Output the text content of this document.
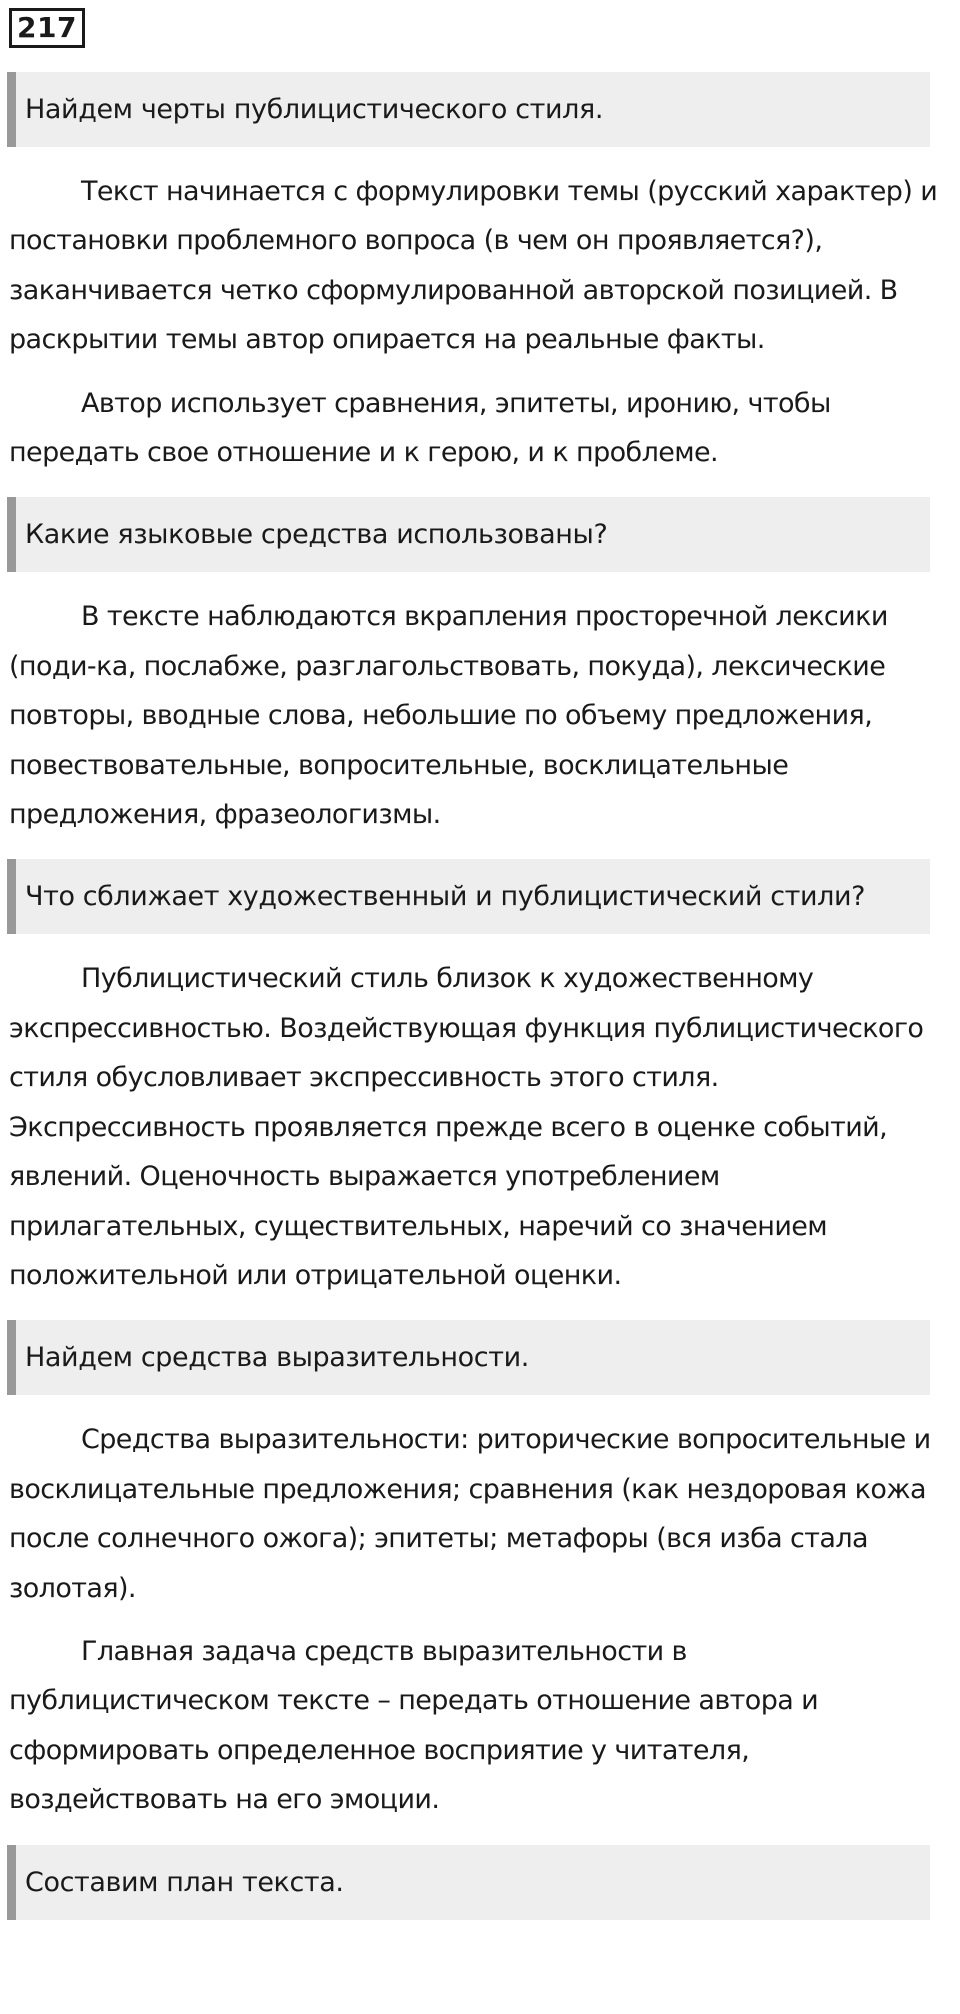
217
Найдем черты публицистического стиля.

Текст начинается с формулировки темы (русский характер) и постановки проблемного вопроса (в чем он проявляется?), заканчивается четко сформулированной авторской позицией. В раскрытии темы автор опирается на реальные факты.

Автор использует сравнения, эпитеты, иронию, чтобы передать свое отношение и к герою, и к проблеме.

Какие языковые средства использованы?

В тексте наблюдаются вкрапления просторечной лексики (поди-ка, послабже, разглагольствовать, покуда), лексические повторы, вводные слова, небольшие по объему предложения, повествовательные, вопросительные, восклицательные предложения, фразеологизмы.

Что сближает художественный и публицистический стили?

Публицистический стиль близок к художественному экспрессивностью. Воздействующая функция публицистического стиля обусловливает экспрессивность этого стиля. Экспрессивность проявляется прежде всего в оценке событий, явлений. Оценочность выражается употреблением прилагательных, существительных, наречий со значением положительной или отрицательной оценки.

Найдем средства выразительности.

Средства выразительности: риторические вопросительные и восклицательные предложения; сравнения (как нездоровая кожа после солнечного ожога); эпитеты; метафоры (вся изба стала золотая).

Главная задача средств выразительности в публицистическом тексте – передать отношение автора и сформировать определенное восприятие у читателя, воздействовать на его эмоции.

Составим план текста.
